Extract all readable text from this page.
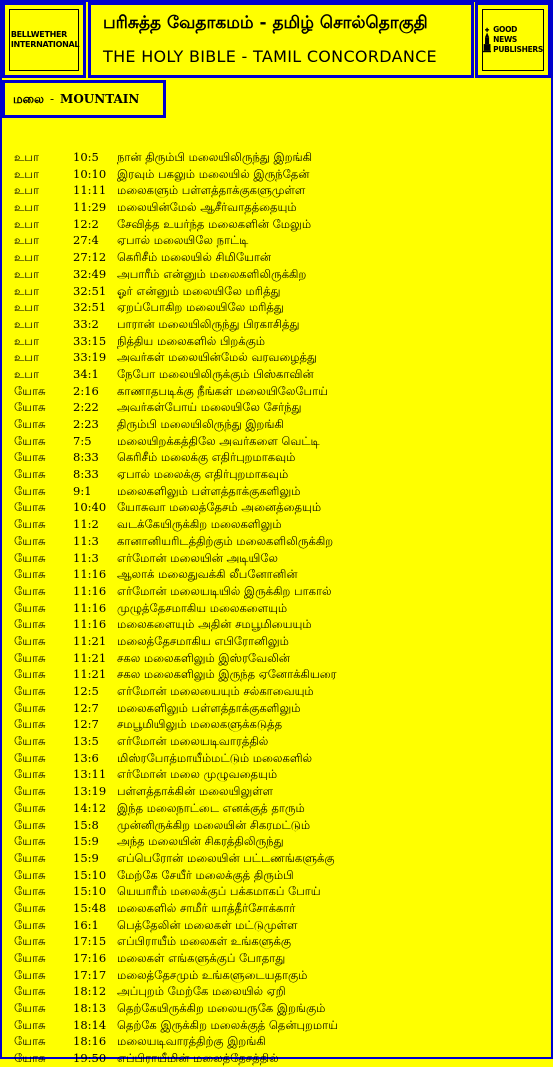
BELLWETHER
INTERNATIONAL
பரிசுத்த வேதாகமம் - தமிழ் சொல்தொகுதி
THE HOLY BIBLE - TAMIL CONCORDANCE
GOOD NEWS
PUBLISHERS
மலை - MOUNTAIN
உபா	10:5 நான் திரும்பி மலையிலிருந்து இறங்கி
உபா	10:10 இரவும் பகலும் மலையில் இருந்தேன்
உபா	11:11 மலைகளும் பள்ளத்தாக்குகளுமுள்ள
உபா	11:29 மலையின்மேல் ஆசீர்வாதத்தையும்
உபா	12:2 சேவித்த உயர்ந்த மலைகளின் மேலும்
உபா	27:4 ஏபால் மலையிலே நாட்டி
உபா	27:12 கெரிசீம் மலையில் சிமியோன்
உபா	32:49 அபாரீம் என்னும் மலைகளிலிருக்கிற
உபா	32:51 ஓர் என்னும் மலையிலே மரித்து
உபா	32:51 ஏறப்போகிற மலையிலே மரித்து
உபா	33:2 பாரான் மலையிலிருந்து பிரகாசித்து
உபா	33:15 நித்திய மலைகளில் பிறக்கும்
உபா	33:19 அவர்கள் மலையின்மேல் வரவழைத்து
உபா	34:1 நேபோ மலையிலிருக்கும் பிஸ்காவின்
யோசு 2:16 காணாதபடிக்கு நீங்கள் மலையிலேபோய்
யோசு 2:22 அவர்கள்போய் மலையிலே சேர்ந்து
யோசு 2:23 திரும்பி மலையிலிருந்து இறங்கி
யோசு 7:5 மலையிறக்கத்திலே அவர்களை வெட்டி
யோசு 8:33 கெரிசீம் மலைக்கு எதிர்புறமாகவும்
யோசு 8:33 ஏபால் மலைக்கு எதிர்புறமாகவும்
யோசு 9:1 மலைகளிலும் பள்ளத்தாக்குகளிலும்
யோசு 10:40 யோசுவா மலைத்தேசம் அனைத்தையும்
யோசு 11:2 வடக்கேயிருக்கிற மலைகளிலும்
யோசு 11:3 கானானியரிடத்திற்கும் மலைகளிலிருக்கிற
யோசு 11:3 எர்மோன் மலையின் அடியிலே
யோசு 11:16 ஆலாக் மலைதுவக்கி லீபனோனின்
யோசு 11:16 எர்மோன் மலையடியில் இருக்கிற பாகால்
யோசு 11:16 முழுத்தேசமாகிய மலைகளையும்
யோசு 11:16 மலைகளையும் அதின் சமபூமியையும்
யோசு 11:21 மலைத்தேசமாகிய எபிரோனிலும்
யோசு 11:21 சகல மலைகளிலும் இஸ்ரவேலின்
யோசு 11:21 சகல மலைகளிலும் இருந்த ஏனோக்கியரை
யோசு 12:5 எர்மோன் மலையையும் சல்காவையும்
யோசு 12:7 மலைகளிலும் பள்ளத்தாக்குகளிலும்
யோசு 12:7 சமபூமியிலும் மலைகளுக்கடுத்த
யோசு 13:5 எர்மோன் மலையடிவாரத்தில்
யோசு 13:6 மிஸ்ரபோத்மாயீம்மட்டும் மலைகளில்
யோசு 13:11 எர்மோன் மலை முழுவதையும்
யோசு 13:19 பள்ளத்தாக்கின் மலையிலுள்ள
யோசு 14:12 இந்த மலைநாட்டை எனக்குத் தாரும்
யோசு 15:8 முன்னிருக்கிற மலையின் சிகரமட்டும்
யோசு 15:9 அந்த மலையின் சிகரத்திலிருந்து
யோசு 15:9 எப்பெரோன் மலையின் பட்டணங்களுக்கு
யோசு 15:10 மேற்கே சேயீர் மலைக்குத் திரும்பி
யோசு 15:10 யெயாரீம் மலைக்குப் பக்கமாகப் போய்
யோசு 15:48 மலைகளில் சாமீர் யாத்தீர்சோக்கார்
யோசு 16:1 பெத்தேலின் மலைகள் மட்டுமுள்ள
யோசு 17:15 எப்பிராயீம் மலைகள் உங்களுக்கு
யோசு 17:16 மலைகள் எங்களுக்குப் போதாது
யோசு 17:17 மலைத்தேசமும் உங்களுடையதாகும்
யோசு 18:12 அப்புறம் மேற்கே மலையில் ஏறி
யோசு 18:13 தெற்கேயிருக்கிற மலையருகே இறங்கும்
யோசு 18:14 தெற்கே இருக்கிற மலைக்குத் தென்புறமாய்
யோசு 18:16 மலையடிவாரத்திற்கு இறங்கி
யோசு 19:50 எப்பிராயீமின் மலைத்தேசத்தில்
